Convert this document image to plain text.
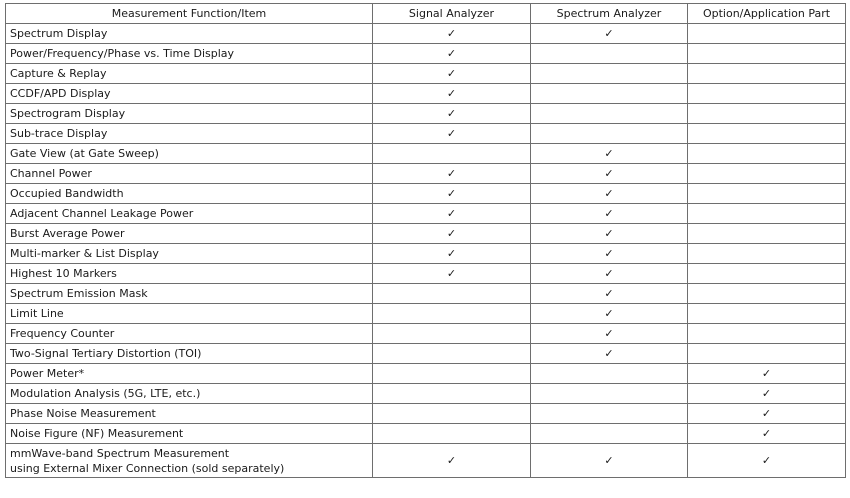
Measurement Function/Item	Signal Analyzer	Spectrum Analyzer	Option/Application Part
Spectrum Display	✓	✓	
Power/Frequency/Phase vs. Time Display	✓		
Capture & Replay	✓		
CCDF/APD Display	✓		
Spectrogram Display	✓		
Sub-trace Display	✓		
Gate View (at Gate Sweep)		✓	
Channel Power	✓	✓	
Occupied Bandwidth	✓	✓	
Adjacent Channel Leakage Power	✓	✓	
Burst Average Power	✓	✓	
Multi-marker & List Display	✓	✓	
Highest 10 Markers	✓	✓	
Spectrum Emission Mask		✓	
Limit Line		✓	
Frequency Counter		✓	
Two-Signal Tertiary Distortion (TOI)		✓	
Power Meter*			✓
Modulation Analysis (5G, LTE, etc.)			✓
Phase Noise Measurement			✓
Noise Figure (NF) Measurement			✓

mmWave-band Spectrum Measurement
using External Mixer Connection (sold separately)	✓	✓	✓
